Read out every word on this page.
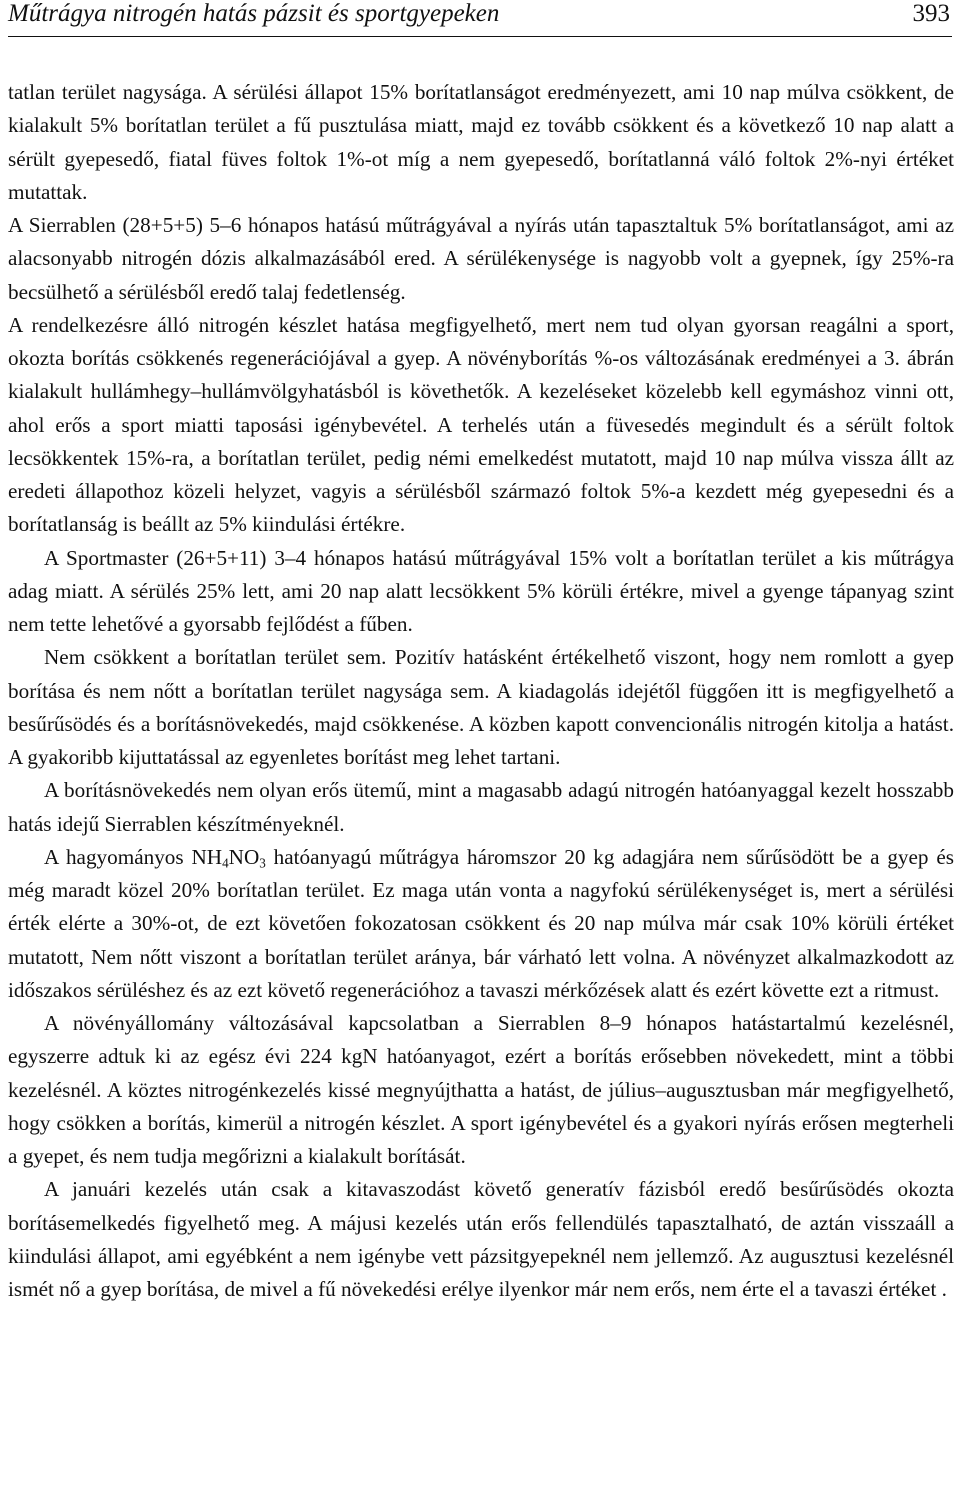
Műtrágya nitrogén hatás pázsit és sportgyepeken	393

tatlan terület nagysága. A sérülési állapot 15% borítatlanságot eredményezett, ami 10 nap múlva csökkent, de kialakult 5% borítatlan terület a fű pusztulása miatt, majd ez tovább csökkent és a következő 10 nap alatt a sérült gyepesedő, fiatal füves foltok 1%-ot míg a nem gyepesedő, borítatlanná váló foltok 2%-nyi értéket mutattak.

A Sierrablen (28+5+5) 5–6 hónapos hatású műtrágyával a nyírás után tapasztaltuk 5% borítatlanságot, ami az alacsonyabb nitrogén dózis alkalmazásából ered. A sérülékenysége is nagyobb volt a gyepnek, így 25%-ra becsülhető a sérülésből eredő talaj fedetlenség.

A rendelkezésre álló nitrogén készlet hatása megfigyelhető, mert nem tud olyan gyorsan reagálni a sport, okozta borítás csökkenés regenerációjával a gyep. A növényborítás %-os változásának eredményei a 3. ábrán kialakult hullámhegy–hullámvölgyhatásból is követhetők. A kezeléseket közelebb kell egymáshoz vinni ott, ahol erős a sport miatti taposási igénybevétel. A terhelés után a füvesedés megindult és a sérült foltok lecsökkentek 15%-ra, a borítatlan terület, pedig némi emelkedést mutatott, majd 10 nap múlva vissza állt az eredeti állapothoz közeli helyzet, vagyis a sérülésből származó foltok 5%-a kezdett még gyepesedni és a borítatlanság is beállt az 5% kiindulási értékre.

A Sportmaster (26+5+11) 3–4 hónapos hatású műtrágyával 15% volt a borítatlan terület a kis műtrágya adag miatt. A sérülés 25% lett, ami 20 nap alatt lecsökkent 5% körüli értékre, mivel a gyenge tápanyag szint nem tette lehetővé a gyorsabb fejlődést a fűben.

Nem csökkent a borítatlan terület sem. Pozitív hatásként értékelhető viszont, hogy nem romlott a gyep borítása és nem nőtt a borítatlan terület nagysága sem. A kiadagolás idejétől függően itt is megfigyelhető a besűrűsödés és a borításnövekedés, majd csökkenése. A közben kapott convencionális nitrogén kitolja a hatást. A gyakoribb kijuttatással az egyenletes borítást meg lehet tartani.

A borításnövekedés nem olyan erős ütemű, mint a magasabb adagú nitrogén hatóanyaggal kezelt hosszabb hatás idejű Sierrablen készítményeknél.

A hagyományos $NH_4NO_3$ hatóanyagú műtrágya háromszor 20 kg adagjára nem sűrűsödött be a gyep és még maradt közel 20% borítatlan terület. Ez maga után vonta a nagyfokú sérülékenységet is, mert a sérülési érték elérte a 30%-ot, de ezt követően fokozatosan csökkent és 20 nap múlva már csak 10% körüli értéket mutatott, Nem nőtt viszont a borítatlan terület aránya, bár várható lett volna. A növényzet alkalmazkodott az időszakos sérüléshez és az ezt követő regenerációhoz a tavaszi mérkőzések alatt és ezért követte ezt a ritmust.

A növényállomány változásával kapcsolatban a Sierrablen 8–9 hónapos hatástartalmú kezelésnél, egyszerre adtuk ki az egész évi 224 kgN hatóanyagot, ezért a borítás erősebben növekedett, mint a többi kezelésnél. A köztes nitrogénkezelés kissé megnyújthatta a hatást, de július–augusztusban már megfigyelhető, hogy csökken a borítás, kimerül a nitrogén készlet. A sport igénybevétel és a gyakori nyírás erősen megterheli a gyepet, és nem tudja megőrizni a kialakult borítását.

A januári kezelés után csak a kitavaszodást követő generatív fázisból eredő besűrűsödés okozta borításemelkedés figyelhető meg. A májusi kezelés után erős fellendülés tapasztalható, de aztán visszaáll a kiindulási állapot, ami egyébként a nem igénybe vett pázsitgyepeknél nem jellemző. Az augusztusi kezelésnél ismét nő a gyep borítása, de mivel a fű növekedési erélye ilyenkor már nem erős, nem érte el a tavaszi értéket .
